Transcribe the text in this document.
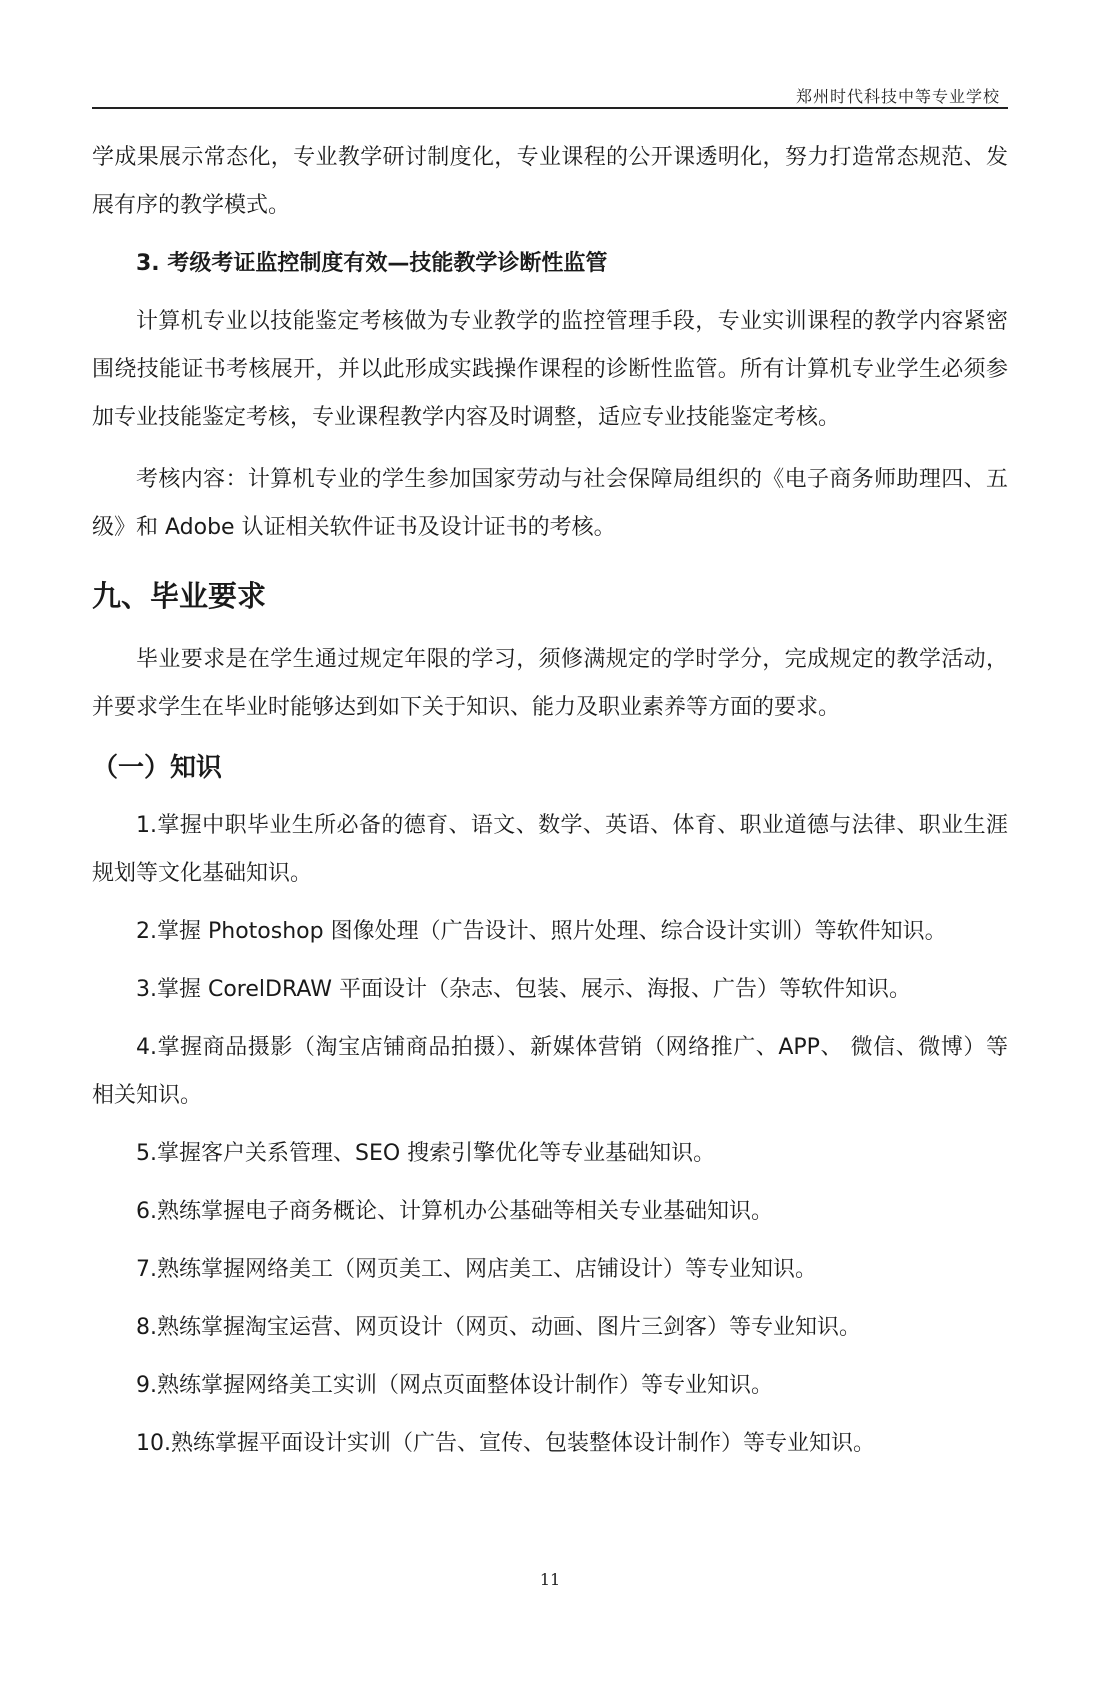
郑州时代科技中等专业学校

学成果展示常态化，专业教学研讨制度化，专业课程的公开课透明化，努力打造常态规范、发展有序的教学模式。

3. 考级考证监控制度有效—技能教学诊断性监管

计算机专业以技能鉴定考核做为专业教学的监控管理手段，专业实训课程的教学内容紧密围绕技能证书考核展开，并以此形成实践操作课程的诊断性监管。所有计算机专业学生必须参加专业技能鉴定考核，专业课程教学内容及时调整，适应专业技能鉴定考核。

考核内容：计算机专业的学生参加国家劳动与社会保障局组织的《电子商务师助理四、五级》和 Adobe 认证相关软件证书及设计证书的考核。

九、毕业要求

毕业要求是在学生通过规定年限的学习，须修满规定的学时学分，完成规定的教学活动，并要求学生在毕业时能够达到如下关于知识、能力及职业素养等方面的要求。

（一）知识

1.掌握中职毕业生所必备的德育、语文、数学、英语、体育、职业道德与法律、职业生涯规划等文化基础知识。

2.掌握 Photoshop 图像处理（广告设计、照片处理、综合设计实训）等软件知识。

3.掌握 CorelDRAW 平面设计（杂志、包装、展示、海报、广告）等软件知识。

4.掌握商品摄影（淘宝店铺商品拍摄）、新媒体营销（网络推广、APP、 微信、微博）等相关知识。

5.掌握客户关系管理、SEO 搜索引擎优化等专业基础知识。

6.熟练掌握电子商务概论、计算机办公基础等相关专业基础知识。

7.熟练掌握网络美工（网页美工、网店美工、店铺设计）等专业知识。

8.熟练掌握淘宝运营、网页设计（网页、动画、图片三剑客）等专业知识。

9.熟练掌握网络美工实训（网点页面整体设计制作）等专业知识。

10.熟练掌握平面设计实训（广告、宣传、包装整体设计制作）等专业知识。

11
